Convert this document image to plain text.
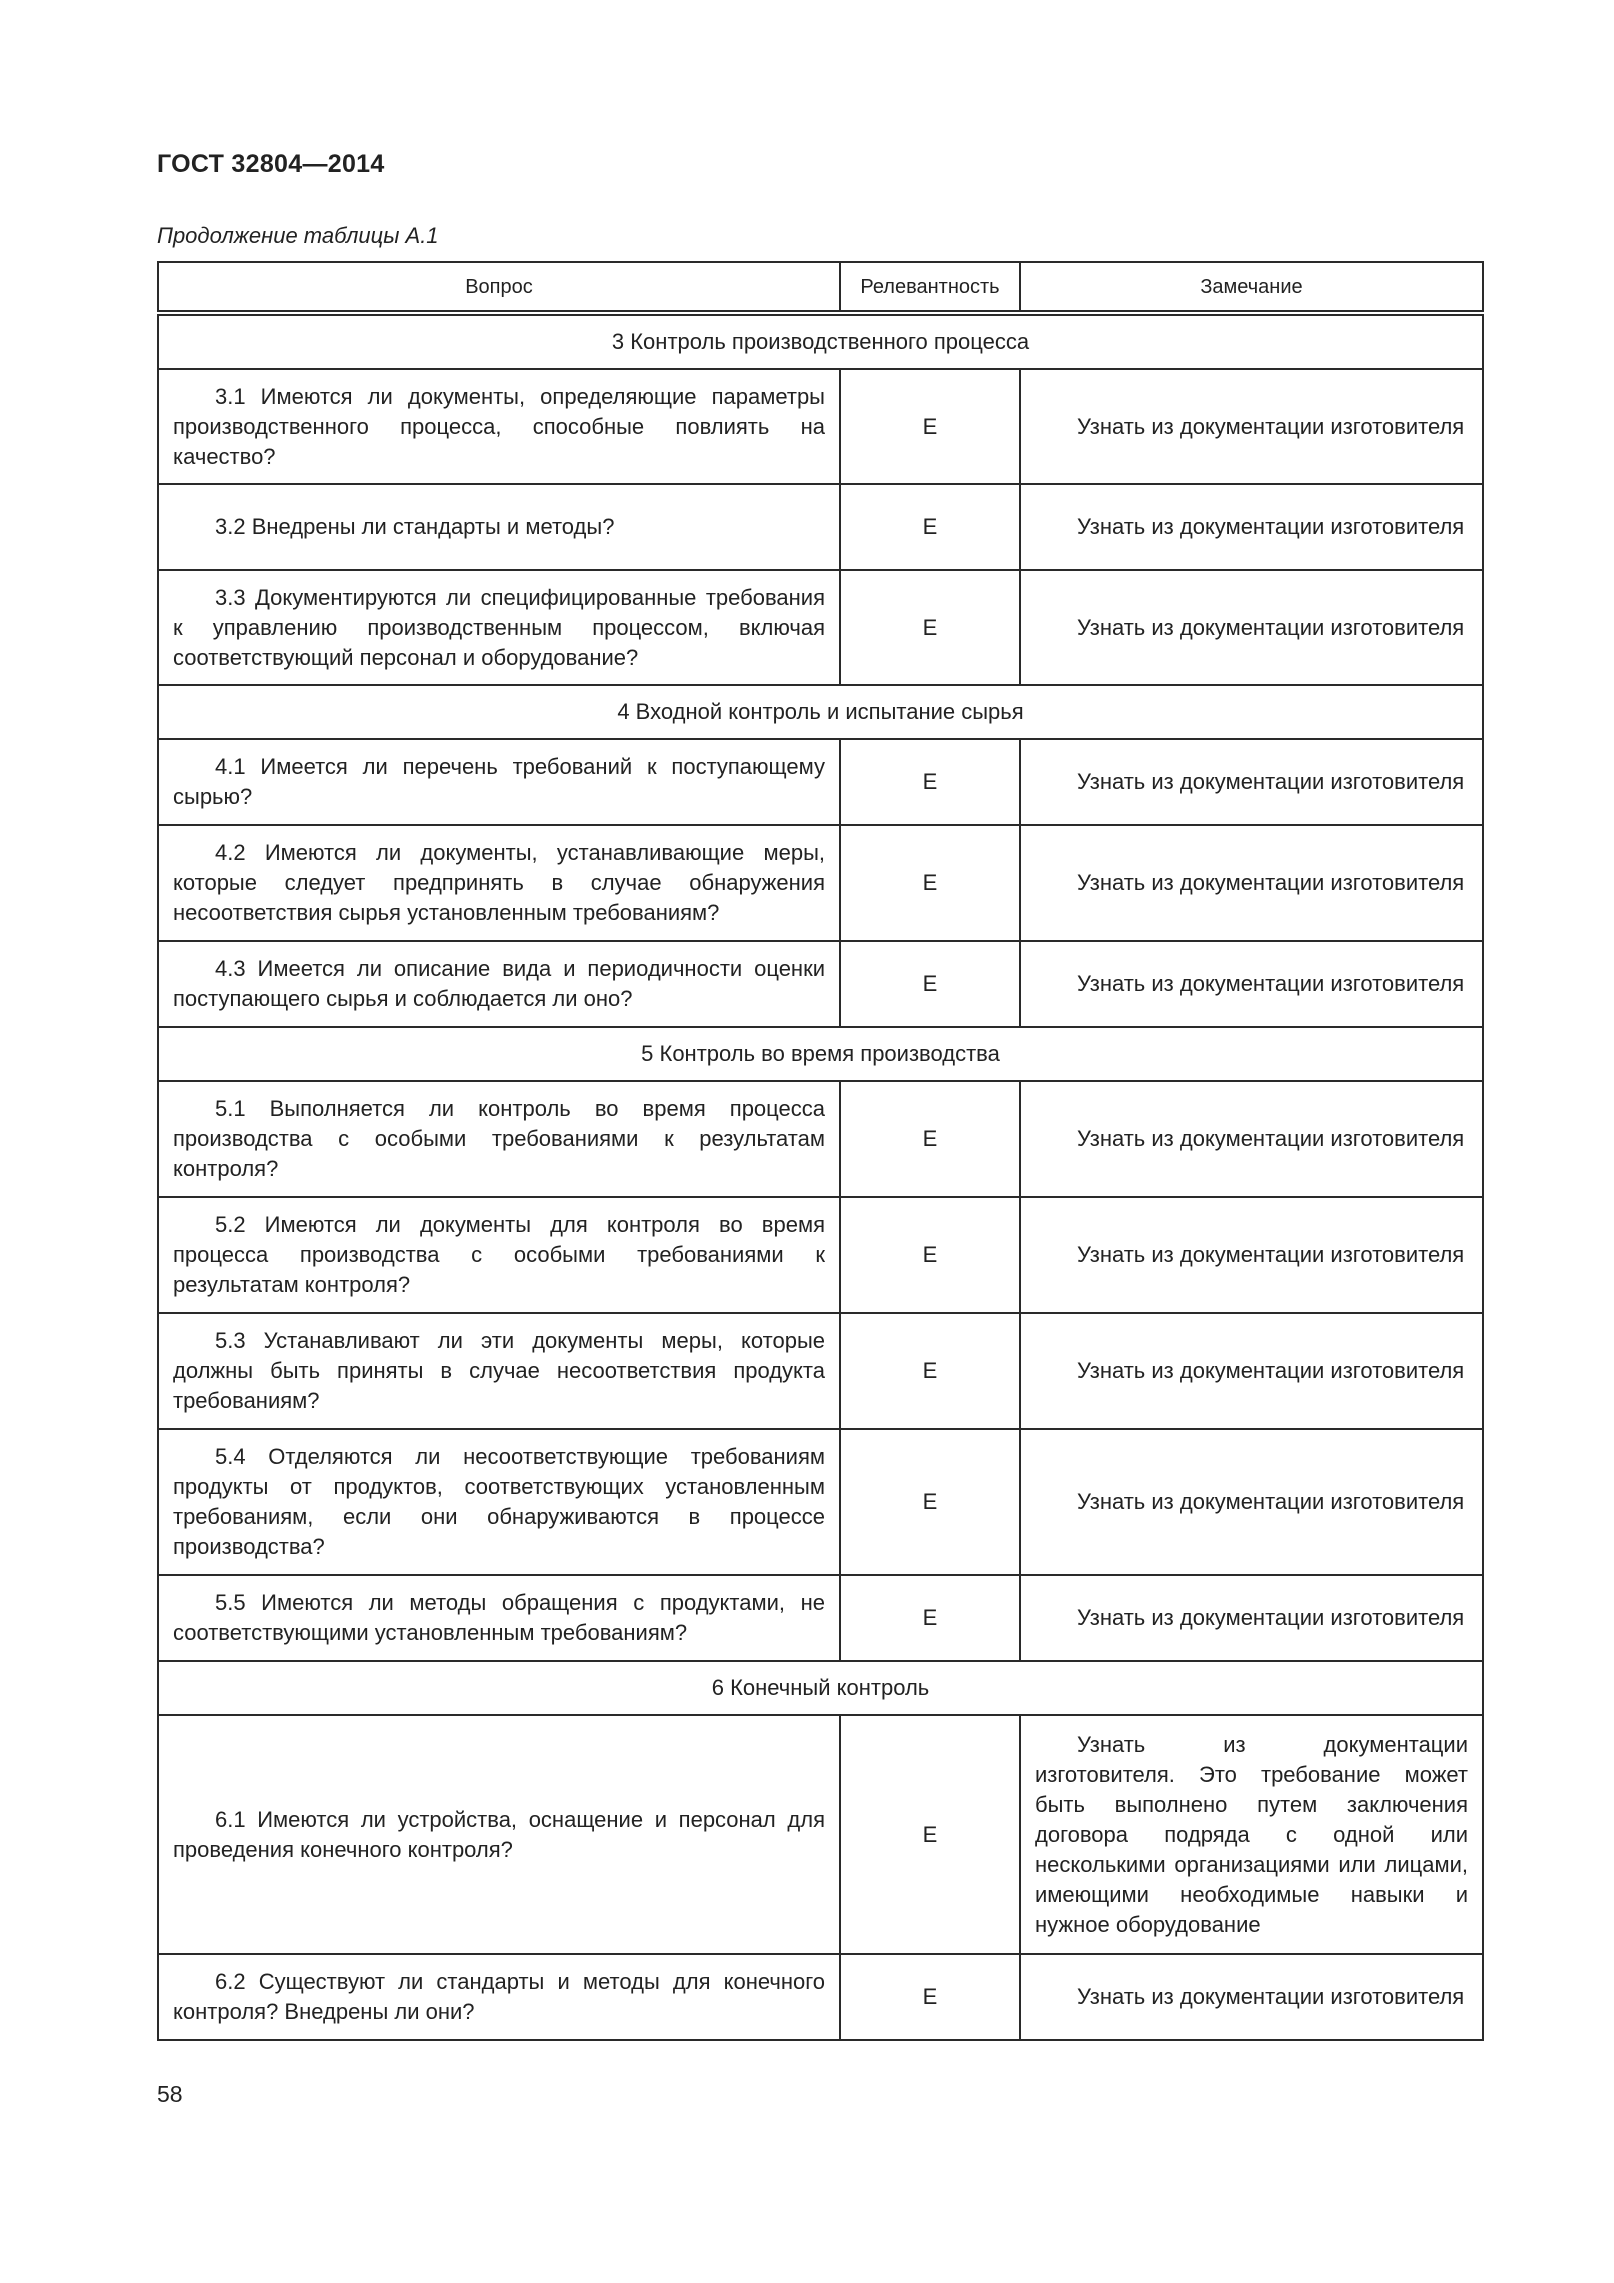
ГОСТ 32804—2014
Продолжение таблицы А.1
Вопрос	Релевантность	Замечание
3 Контроль производственного процесса		
3.1 Имеются ли документы, определяющие параметры производственного процесса, способные повлиять на качество?	Е	Узнать из документации изготовителя
3.2 Внедрены ли стандарты и методы?	Е	Узнать из документации изготовителя
3.3 Документируются ли специфицированные требования к управлению производственным процессом, включая соответствующий персонал и оборудование?	Е	Узнать из документации изготовителя
4 Входной контроль и испытание сырья		
4.1 Имеется ли перечень требований к поступающему сырью?	Е	Узнать из документации изготовителя
4.2 Имеются ли документы, устанавливающие меры, которые следует предпринять в случае обнаружения несоответствия сырья установленным требованиям?	Е	Узнать из документации изготовителя
4.3 Имеется ли описание вида и периодичности оценки поступающего сырья и соблюдается ли оно?	Е	Узнать из документации изготовителя
5 Контроль во время производства		
5.1 Выполняется ли контроль во время процесса производства с особыми требованиями к результатам контроля?	Е	Узнать из документации изготовителя
5.2 Имеются ли документы для контроля во время процесса производства с особыми требованиями к результатам контроля?	Е	Узнать из документации изготовителя
5.3 Устанавливают ли эти документы меры, которые должны быть приняты в случае несоответствия продукта требованиям?	Е	Узнать из документации изготовителя
5.4 Отделяются ли несоответствующие требованиям продукты от продуктов, соответствующих установленным требованиям, если они обнаруживаются в процессе производства?	Е	Узнать из документации изготовителя
5.5 Имеются ли методы обращения с продуктами, не соответствующими установленным требованиям?	Е	Узнать из документации изготовителя
6 Конечный контроль		
6.1 Имеются ли устройства, оснащение и персонал для проведения конечного контроля?	Е	Узнать из документации изготовителя. Это требование может быть выполнено путем заключения договора подряда с одной или несколькими организациями или лицами, имеющими необходимые навыки и нужное оборудование
6.2 Существуют ли стандарты и методы для конечного контроля? Внедрены ли они?	Е	Узнать из документации изготовителя
58
